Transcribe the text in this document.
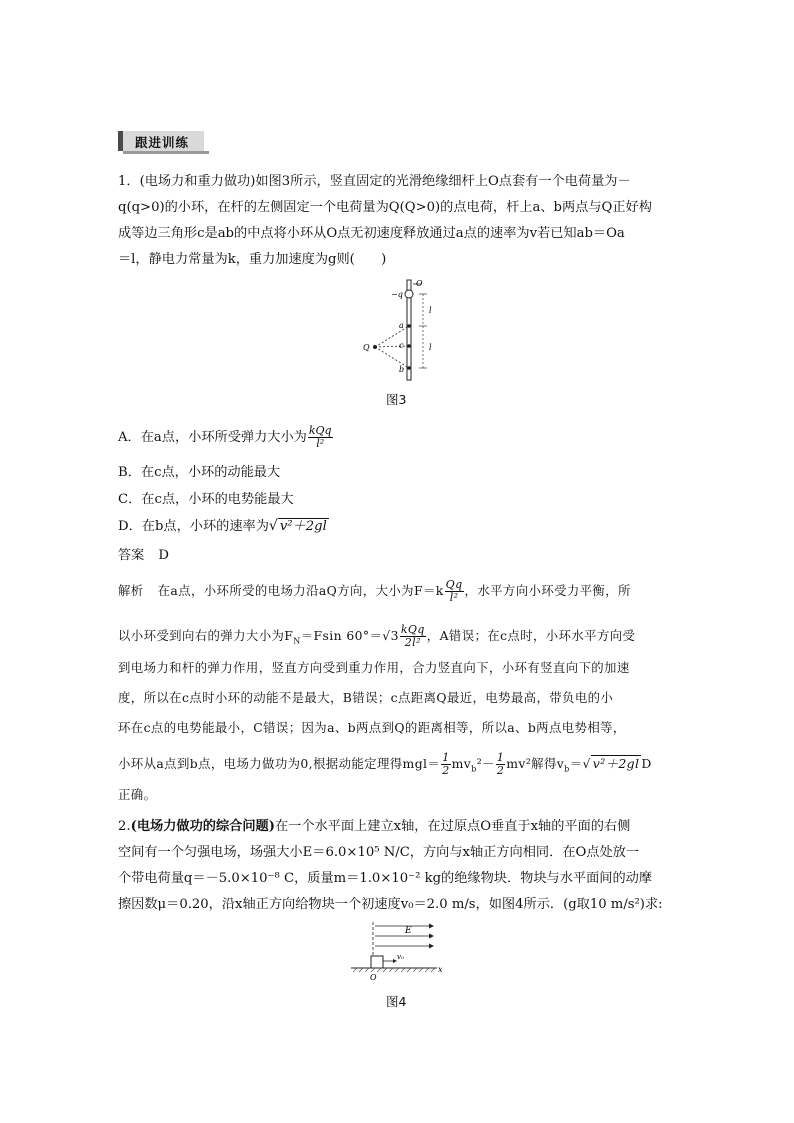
跟进训练
1．(电场力和重力做功)如图3所示，竖直固定的光滑绝缘细杆上O点套有一个电荷量为－
q(q>0)的小环，在杆的左侧固定一个电荷量为Q(Q>0)的点电荷，杆上a、b两点与Q正好构
成等边三角形c是ab的中点将小环从O点无初速度释放通过a点的速率为v若已知ab＝Oa
＝l，静电力常量为k，重力加速度为g则(　　)
−q
O
a
c
b
Q
l
l
图3
A．在a点，小环所受弹力大小为 $\frac{\text{kQq}}{\text{l²}}$
B．在c点，小环的动能最大
C．在c点，小环的电势能最大
D．在b点，小环的速率为√ v²＋2gl
答案 D
解析 在a点，小环所受的电场力沿aQ方向，大小为$F=k \frac{Qq}{\text{l²}}$ ，水平方向小环受力平衡，所
以小环受到向右的弹力大小为$F_N=Fsin$ $60^\circ=√3 \frac{\text{kQq}}{\text{2l²}}$ ，A错误；在c点时，小环水平方向受
到电场力和杆的弹力作用，竖直方向受到重力作用，合力竖直向下，小环有竖直向下的加速
度，所以在c点时小环的动能不是最大，B错误；c点距离Q最近，电势最高，带负电的小
环在c点的电势能最小，C错误；因为a、b两点到Q的距离相等，所以a、b两点电势相等，
小环从a点到b点，电场力做功为0,根据动能定理得$mgl= \frac{1}{2} mv_b^2- \frac{1}{2} mv^2$解得$v_b=√$ v²＋2gl D
正确。
2.(电场力做功的综合问题)在一个水平面上建立x轴，在过原点O垂直于x轴的平面的右侧
空间有一个匀强电场，场强大小E＝6.0×10⁵ N/C，方向与x轴正方向相同．在O点处放一
个带电荷量q＝－5.0×10⁻⁸ C，质量m＝1.0×10⁻² kg的绝缘物块．物块与水平面间的动摩
擦因数μ＝0.20，沿x轴正方向给物块一个初速度v₀＝2.0 m/s，如图4所示．(g取10 m/s²)求:
E
v₀
O
x
图4
